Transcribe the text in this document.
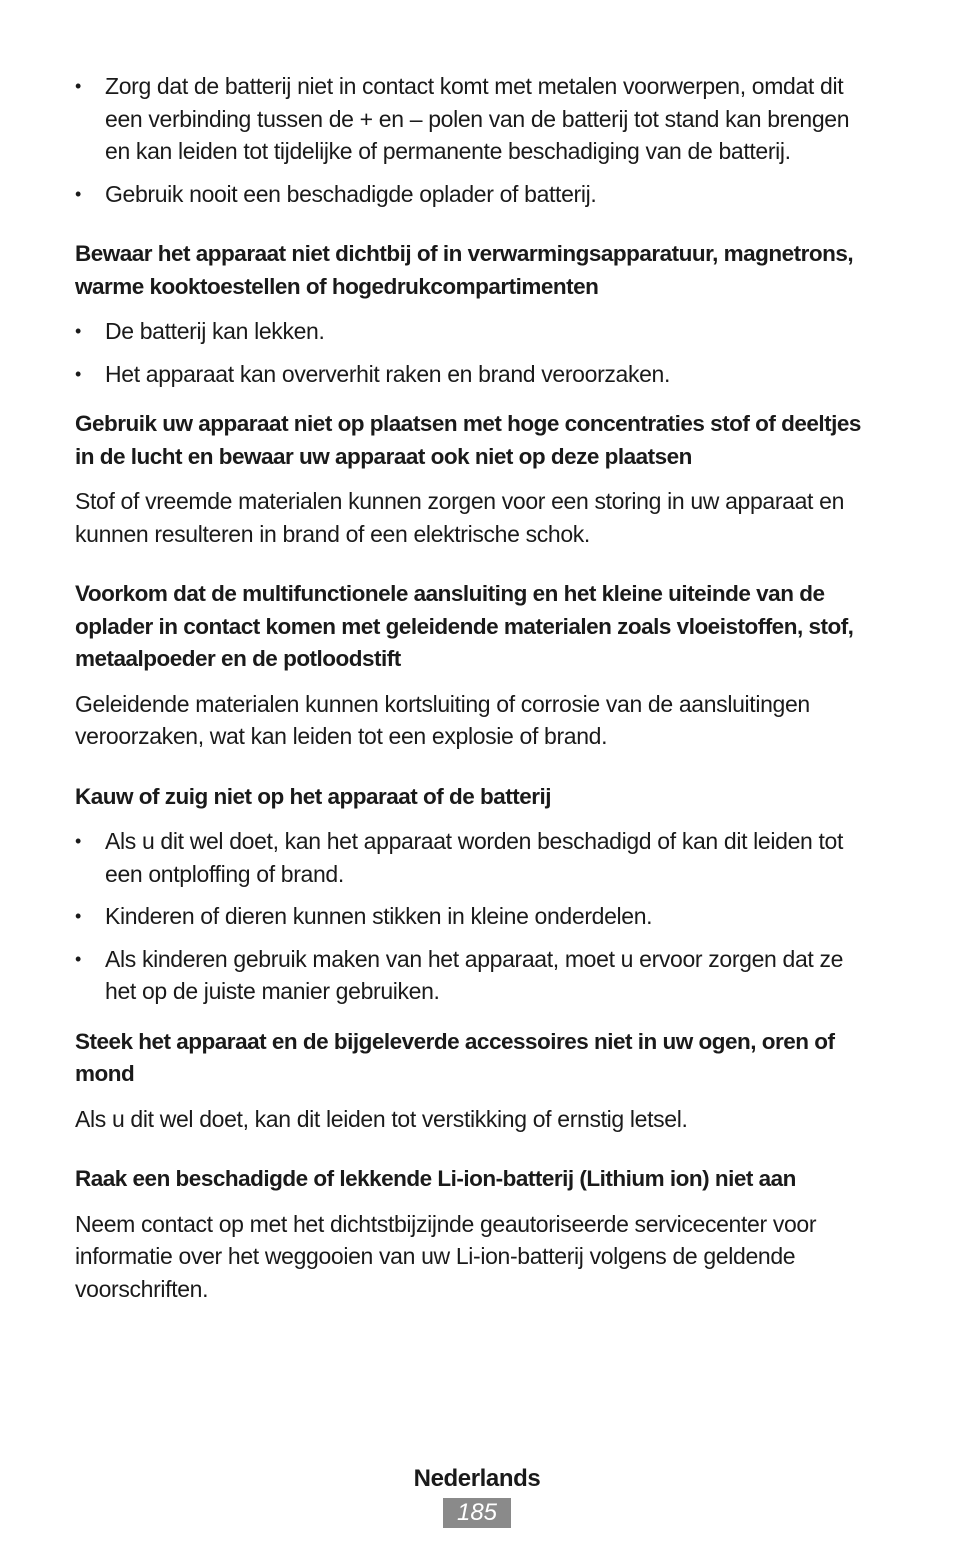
• Zorg dat de batterij niet in contact komt met metalen voorwerpen, omdat dit een verbinding tussen de + en – polen van de batterij tot stand kan brengen en kan leiden tot tijdelijke of permanente beschadiging van de batterij.
• Gebruik nooit een beschadigde oplader of batterij.
Bewaar het apparaat niet dichtbij of in verwarmingsapparatuur, magnetrons, warme kooktoestellen of hogedrukcompartimenten
• De batterij kan lekken.
• Het apparaat kan oververhit raken en brand veroorzaken.
Gebruik uw apparaat niet op plaatsen met hoge concentraties stof of deeltjes in de lucht en bewaar uw apparaat ook niet op deze plaatsen

Stof of vreemde materialen kunnen zorgen voor een storing in uw apparaat en kunnen resulteren in brand of een elektrische schok.

Voorkom dat de multifunctionele aansluiting en het kleine uiteinde van de oplader in contact komen met geleidende materialen zoals vloeistoffen, stof, metaalpoeder en de potloodstift

Geleidende materialen kunnen kortsluiting of corrosie van de aansluitingen veroorzaken, wat kan leiden tot een explosie of brand.

Kauw of zuig niet op het apparaat of de batterij
• Als u dit wel doet, kan het apparaat worden beschadigd of kan dit leiden tot een ontploffing of brand.
• Kinderen of dieren kunnen stikken in kleine onderdelen.
• Als kinderen gebruik maken van het apparaat, moet u ervoor zorgen dat ze het op de juiste manier gebruiken.
Steek het apparaat en de bijgeleverde accessoires niet in uw ogen, oren of mond

Als u dit wel doet, kan dit leiden tot verstikking of ernstig letsel.

Raak een beschadigde of lekkende Li-ion-batterij (Lithium ion) niet aan

Neem contact op met het dichtstbijzijnde geautoriseerde servicecenter voor informatie over het weggooien van uw Li-ion-batterij volgens de geldende voorschriften.

Nederlands
185
